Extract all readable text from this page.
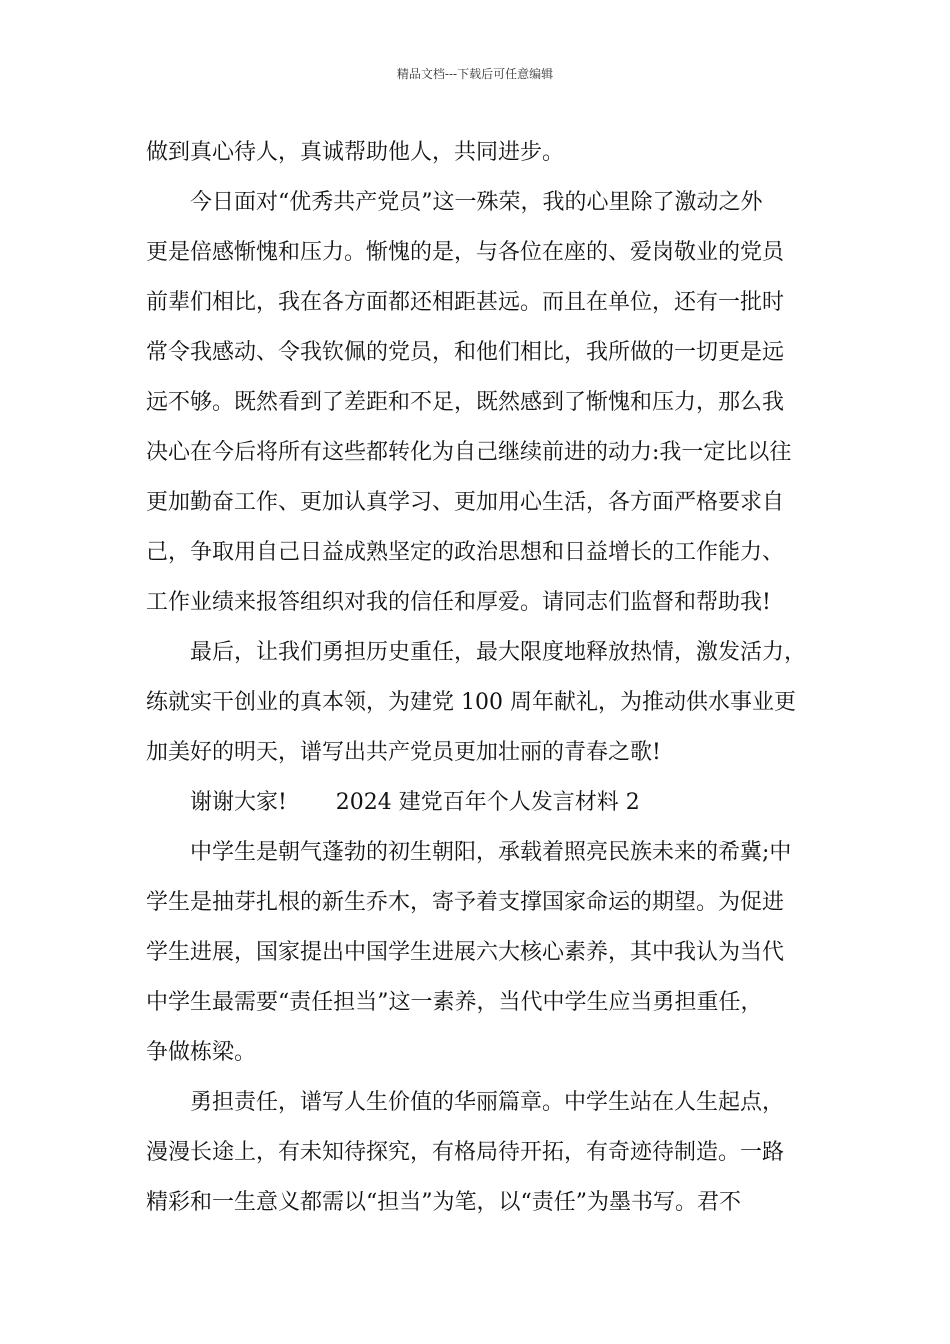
精品文档---下载后可任意编辑
做到真心待人，真诚帮助他人，共同进步。
今日面对“优秀共产党员”这一殊荣，我的心里除了激动之外
更是倍感惭愧和压力。惭愧的是，与各位在座的、爱岗敬业的党员
前辈们相比，我在各方面都还相距甚远。而且在单位，还有一批时
常令我感动、令我钦佩的党员，和他们相比，我所做的一切更是远
远不够。既然看到了差距和不足，既然感到了惭愧和压力，那么我
决心在今后将所有这些都转化为自己继续前进的动力:我一定比以往
更加勤奋工作、更加认真学习、更加用心生活，各方面严格要求自
己，争取用自己日益成熟坚定的政治思想和日益增长的工作能力、
工作业绩来报答组织对我的信任和厚爱。请同志们监督和帮助我!
最后，让我们勇担历史重任，最大限度地释放热情，激发活力，
练就实干创业的真本领，为建党 100 周年献礼，为推动供水事业更
加美好的明天，谱写出共产党员更加壮丽的青春之歌!
谢谢大家!       2024 建党百年个人发言材料 2
中学生是朝气蓬勃的初生朝阳，承载着照亮民族未来的希冀;中
学生是抽芽扎根的新生乔木，寄予着支撑国家命运的期望。为促进
学生进展，国家提出中国学生进展六大核心素养，其中我认为当代
中学生最需要“责任担当”这一素养，当代中学生应当勇担重任，
争做栋梁。
勇担责任，谱写人生价值的华丽篇章。中学生站在人生起点，
漫漫长途上，有未知待探究，有格局待开拓，有奇迹待制造。一路
精彩和一生意义都需以“担当”为笔，以“责任”为墨书写。君不
